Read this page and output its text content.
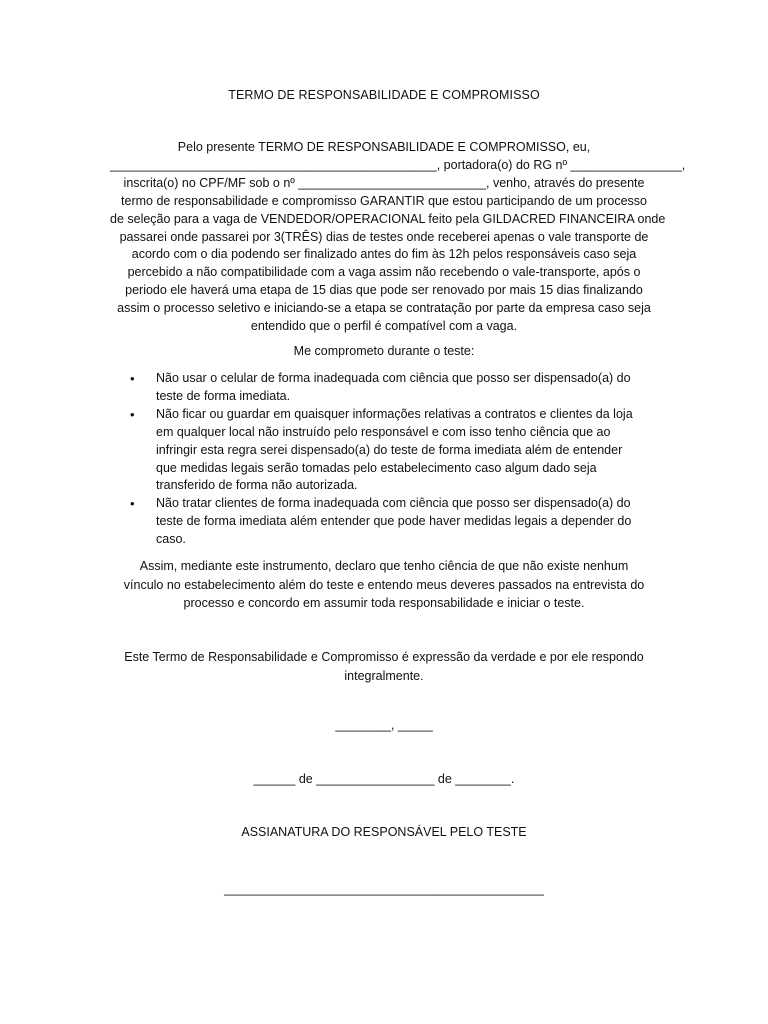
TERMO DE RESPONSABILIDADE E COMPROMISSO
Pelo presente TERMO DE RESPONSABILIDADE E COMPROMISSO, eu,
_______________________________________________, portadora(o) do RG nº ________________,
inscrita(o) no CPF/MF sob o nº ___________________________, venho, através do presente
termo de responsabilidade e compromisso GARANTIR que estou participando de um processo
de seleção para a vaga de VENDEDOR/OPERACIONAL feito pela GILDACRED FINANCEIRA onde
passarei onde passarei por 3(TRÊS) dias de testes onde receberei apenas o vale transporte de
acordo com o dia podendo ser finalizado antes do fim às 12h pelos responsáveis caso seja
percebido a não compatibilidade com a vaga assim não recebendo o vale-transporte, após o
periodo ele haverá uma etapa de 15 dias que pode ser renovado por mais 15 dias finalizando
assim o processo seletivo e iniciando-se a etapa se contratação por parte da empresa caso seja
entendido que o perfil é compatível com a vaga.
Me comprometo durante o teste:
• Não usar o celular de forma inadequada com ciência que posso ser dispensado(a) do
teste de forma imediata.
• Não ficar ou guardar em quaisquer informações relativas a contratos e clientes da loja
em qualquer local não instruído pelo responsável e com isso tenho ciência que ao
infringir esta regra serei dispensado(a) do teste de forma imediata além de entender
que medidas legais serão tomadas pelo estabelecimento caso algum dado seja
transferido de forma não autorizada.
• Não tratar clientes de forma inadequada com ciência que posso ser dispensado(a) do
teste de forma imediata além entender que pode haver medidas legais a depender do
caso.
Assim, mediante este instrumento, declaro que tenho ciência de que não existe nenhum
vínculo no estabelecimento além do teste e entendo meus deveres passados na entrevista do
processo e concordo em assumir toda responsabilidade e iniciar o teste.
Este Termo de Responsabilidade e Compromisso é expressão da verdade e por ele respondo
integralmente.
________, _____
______ de _________________ de ________.
ASSIANATURA DO RESPONSÁVEL PELO TESTE
______________________________________________
